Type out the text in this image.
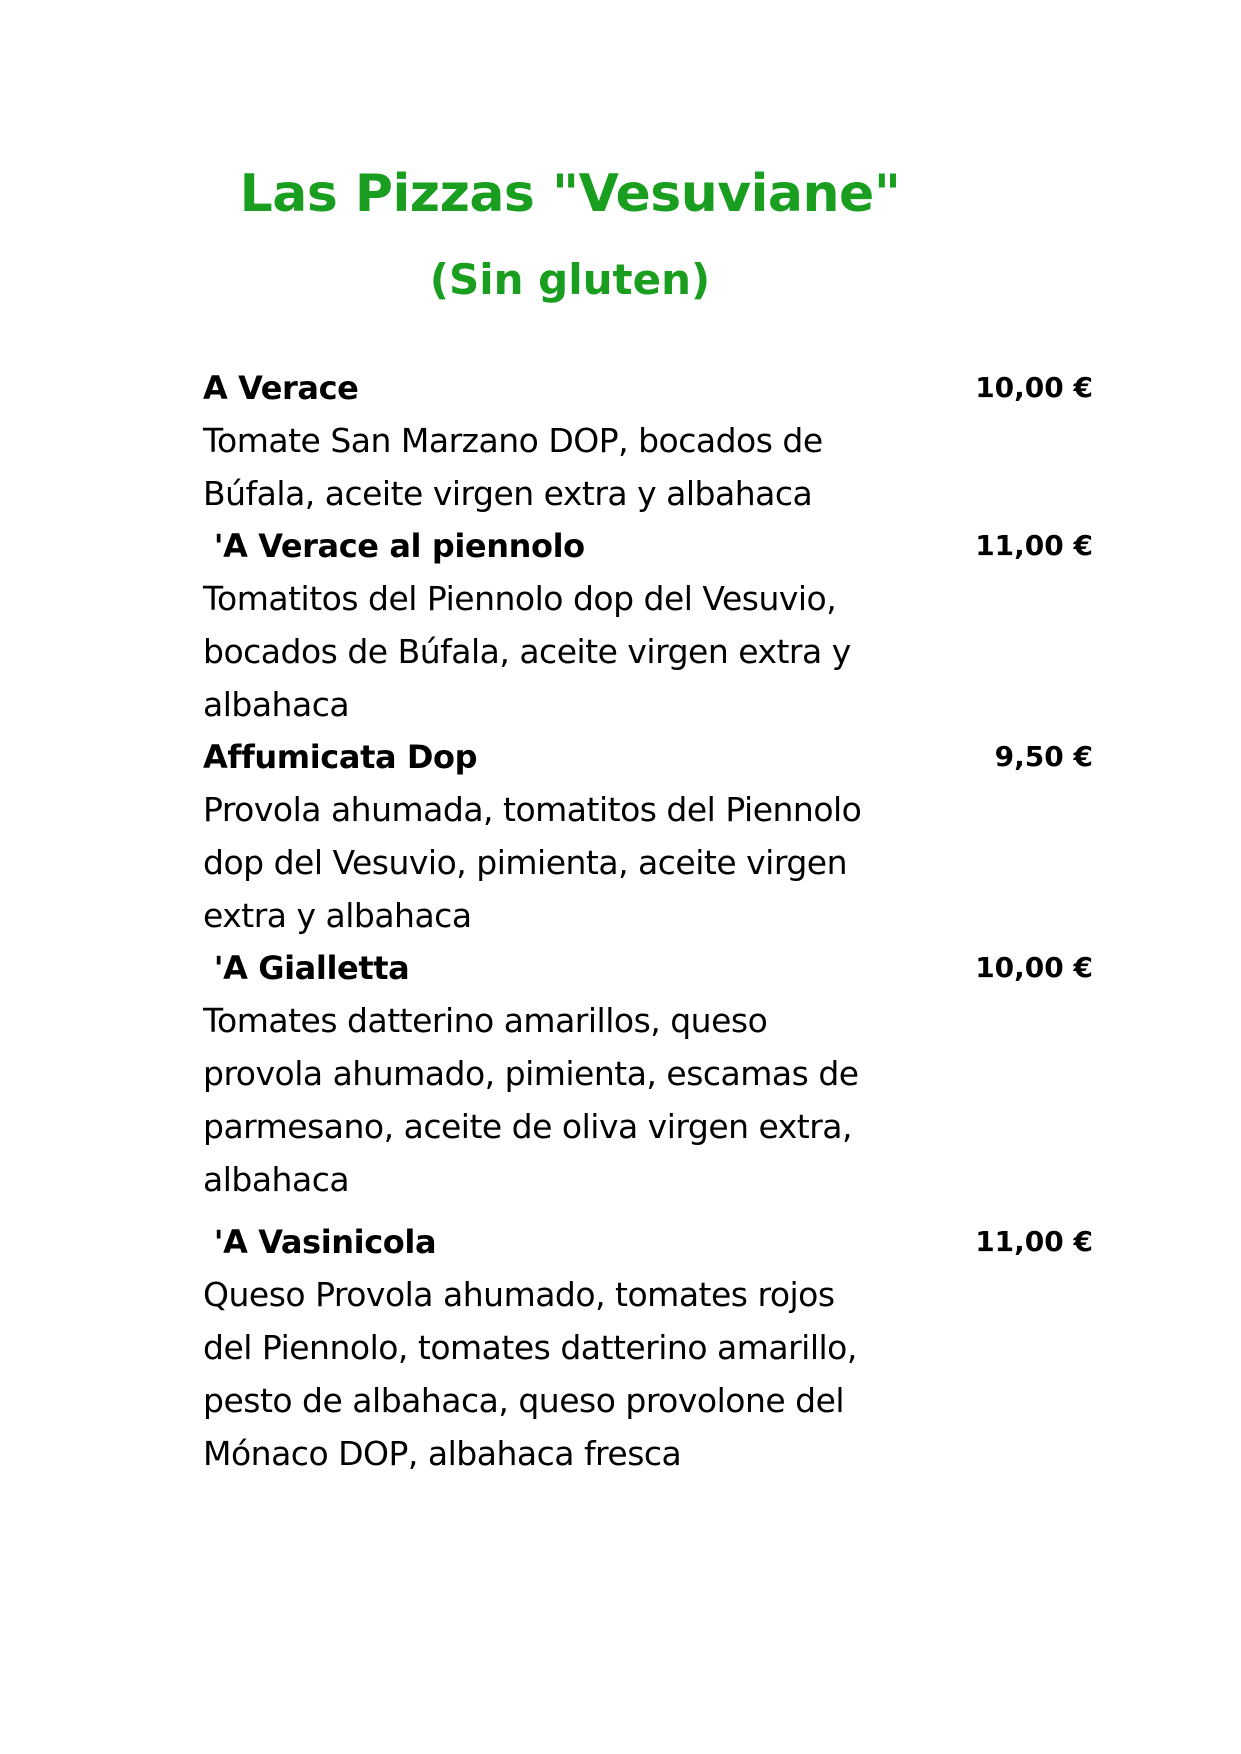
Las Pizzas "Vesuviane"
(Sin gluten)
A Verace	10,00 €
Tomate San Marzano DOP, bocados de
Búfala, aceite virgen extra y albahaca
'A Verace al piennolo	11,00 €
Tomatitos del Piennolo dop del Vesuvio,
bocados de Búfala, aceite virgen extra y
albahaca
Affumicata Dop	9,50 €
Provola ahumada, tomatitos del Piennolo
dop del Vesuvio, pimienta, aceite virgen
extra y albahaca
'A Gialletta	10,00 €
Tomates datterino amarillos, queso
provola ahumado, pimienta, escamas de
parmesano, aceite de oliva virgen extra,
albahaca
'A Vasinicola	11,00 €
Queso Provola ahumado, tomates rojos
del Piennolo, tomates datterino amarillo,
pesto de albahaca, queso provolone del
Mónaco DOP, albahaca fresca
